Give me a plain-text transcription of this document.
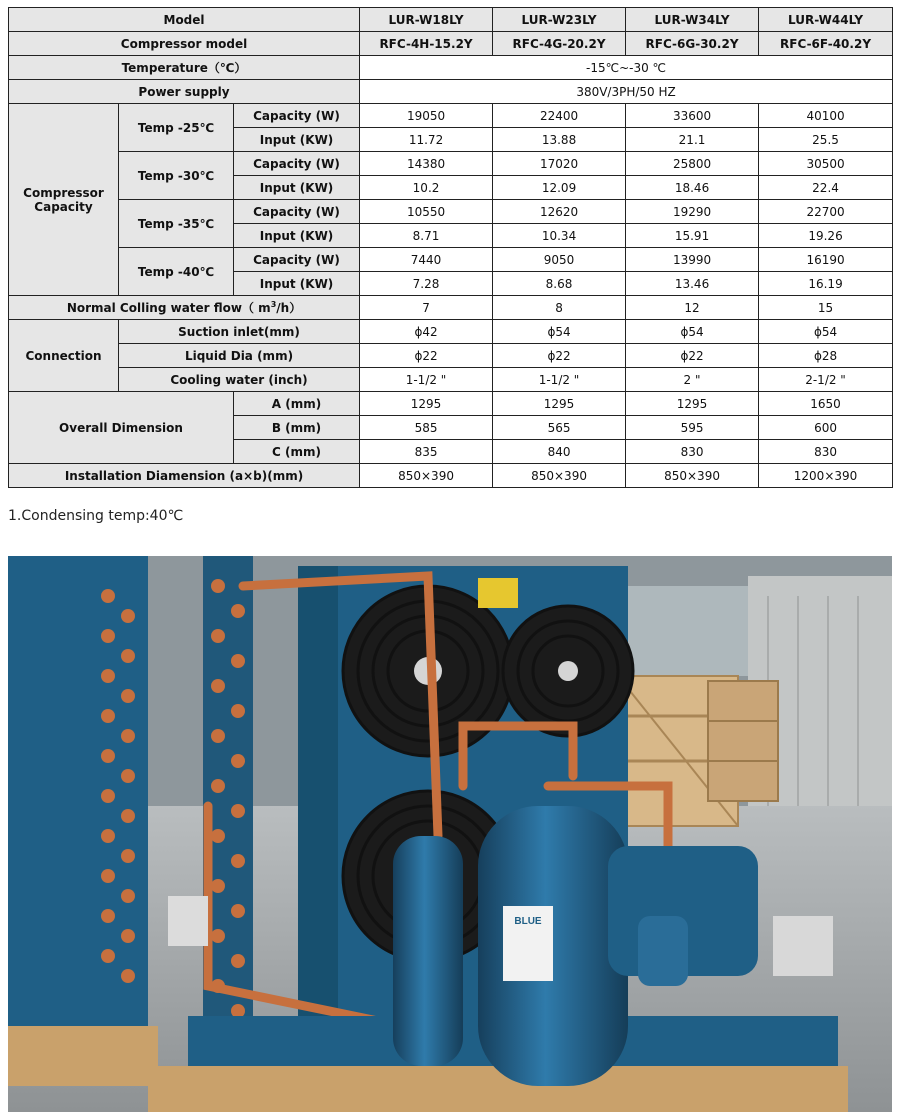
Model			LUR-W18LY	LUR-W23LY	LUR-W34LY	LUR-W44LY
Compressor model			RFC-4H-15.2Y	RFC-4G-20.2Y	RFC-6G-30.2Y	RFC-6F-40.2Y
Temperature（℃）			-15℃~-30 ℃			
Power supply			380V/3PH/50 HZ			
Compressor
Capacity	Temp -25℃	Capacity (W)	19050	22400	33600	40100
		Input (KW)	11.72	13.88	21.1	25.5
	Temp -30℃	Capacity (W)	14380	17020	25800	30500
		Input (KW)	10.2	12.09	18.46	22.4
	Temp -35℃	Capacity (W)	10550	12620	19290	22700
		Input (KW)	8.71	10.34	15.91	19.26
	Temp -40℃	Capacity (W)	7440	9050	13990	16190
		Input (KW)	7.28	8.68	13.46	16.19
Normal Colling water flow（ $m^3/h$）			7	8	12	15
Connection	Suction inlet(mm)		ϕ42	ϕ54	ϕ54	ϕ54
	Liquid Dia (mm)		ϕ22	ϕ22	ϕ22	ϕ28
	Cooling water (inch)		1-1/2 "	1-1/2 "	2 "	2-1/2 "
Overall Dimension		A (mm)	1295	1295	1295	1650
		B (mm)	585	565	595	600
		C (mm)	835	840	830	830
Installation Diamension (a×b)(mm)			850×390	850×390	850×390	1200×390
1.Condensing temp:40℃
BLUE
